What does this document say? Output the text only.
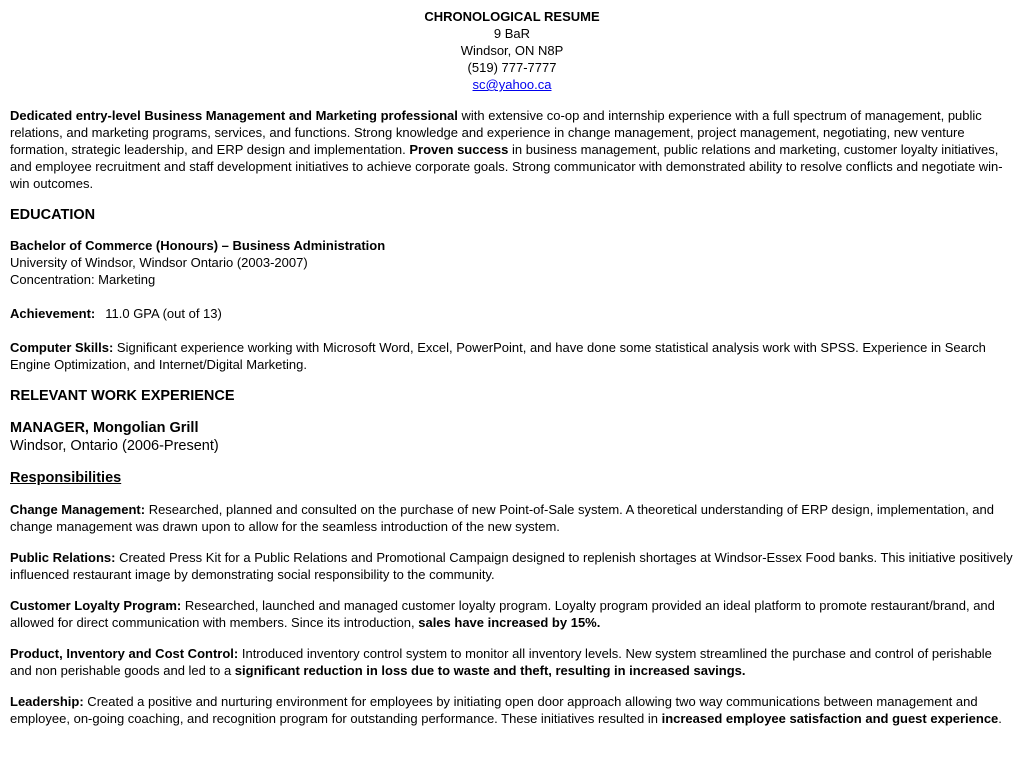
CHRONOLOGICAL RESUME
9 BaR
Windsor, ON N8P
(519) 777-7777
sc@yahoo.ca

Dedicated entry-level Business Management and Marketing professional with extensive co-op and internship experience with a full spectrum of management, public relations, and marketing programs, services, and functions. Strong knowledge and experience in change management, project management, negotiating, new venture formation, strategic leadership, and ERP design and implementation. Proven success in business management, public relations and marketing, customer loyalty initiatives, and employee recruitment and staff development initiatives to achieve corporate goals. Strong communicator with demonstrated ability to resolve conflicts and negotiate win-win outcomes.

EDUCATION
Bachelor of Commerce (Honours) – Business Administration
University of Windsor, Windsor Ontario (2003-2007)
Concentration: Marketing

Achievement: 11.0 GPA (out of 13)

Computer Skills: Significant experience working with Microsoft Word, Excel, PowerPoint, and have done some statistical analysis work with SPSS. Experience in Search Engine Optimization, and Internet/Digital Marketing.

RELEVANT WORK EXPERIENCE
MANAGER, Mongolian Grill
Windsor, Ontario (2006-Present)
Responsibilities

Change Management: Researched, planned and consulted on the purchase of new Point-of-Sale system. A theoretical understanding of ERP design, implementation, and change management was drawn upon to allow for the seamless introduction of the new system.

Public Relations: Created Press Kit for a Public Relations and Promotional Campaign designed to replenish shortages at Windsor-Essex Food banks. This initiative positively influenced restaurant image by demonstrating social responsibility to the community.

Customer Loyalty Program: Researched, launched and managed customer loyalty program. Loyalty program provided an ideal platform to promote restaurant/brand, and allowed for direct communication with members. Since its introduction, sales have increased by 15%.

Product, Inventory and Cost Control: Introduced inventory control system to monitor all inventory levels. New system streamlined the purchase and control of perishable and non perishable goods and led to a significant reduction in loss due to waste and theft, resulting in increased savings.

Leadership: Created a positive and nurturing environment for employees by initiating open door approach allowing two way communications between management and employee, on-going coaching, and recognition program for outstanding performance. These initiatives resulted in increased employee satisfaction and guest experience.
